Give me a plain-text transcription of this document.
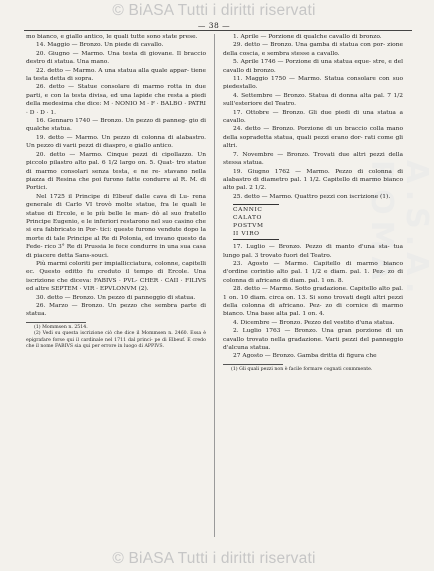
© BiASA Tutti i diritti riservati
A.S.A. ROMA
— 38 —

mo bianco, e giallo antico, le quali tutte sono state prese.

14. Maggio — Bronzo. Un piede di cavallo.

20. Giugno — Marmo. Una testa di giovane. Il braccio destro di statua. Una mano.

22. detto — Marmo. A una statua alla quale appar- tiene la testa detta di sopra.

26. detto — Statue consolare di marmo rotta in due parti, e con la testa divisa, ed una lapide che resta a piedi della medesima che dice: M · NONIO M · F · BALBO · PATRI · D · D · 1.

16. Gennaro 1740 — Bronzo. Un pezzo di panneg- gio di qualche statua.

19. detto — Marmo. Un pezzo di colonna di alabastro. Un pezzo di varii pezzi di diaspro, e giallo antico.

20. detto — Marmo. Cinque pezzi di cipollazzo. Un piccolo pilastro alto pal. 6 1/2 largo on. 5. Quat- tro statue di marmo consolari senza testa, e ne re- stavano nella piazza di Resina che poi furono fatte condurre al R. M. di Portici.

Nel 1725 il Principe di Elbeuf dalle cava di Lu- rena generale di Carlo VI trovò molte statue, fra le quali le statue di Ercole, e le più belle le man- dò al suo fratello Principe Eugenio, e le inferiori restarono nel suo casino che si era fabbricato in Por- tici: queste furono vendute dopo la morte di tale Principe al Re di Polonia, ed invano questo da Fede- rico 3° Re di Prussia le fece condurre in una sua casa di piacere detta Sans-souci.

Più marmi coloriti per impiallicciatura, colonne, capitelli ec. Questo editto fu creduto il tempo di Ercole. Una iscrizione che diceva: FABIVS · PVL- CHER · CAII · FILIVS ed altre SEPTEM · VIR · EPVLONVM (2).

30. detto — Bronzo. Un pezzo di panneggio di statua.

26. Marzo — Bronzo. Un pezzo che sembra parte di statua.

(1) Mommsen n. 2514.

(2) Vedi su questa iscrizione ciò che dice il Mommsen n. 2460. Essa è epigrafare forse qui il cardinale nel 1711 dal princi- pe di Elbeuf. E credo che il nome FABIVS sia qui per errore in luogo di APPIVS.

1. Aprile — Porzione di qualche cavallo di bronzo.

29. detto — Bronzo. Una gamba di statua con por- zione della coscia, e sembra stesse a cavallo.

5. Aprile 1746 — Porzione di una statua eque- stre, e del cavallo di bronzo.

11. Maggio 1750 — Marmo. Statua consolare con suo piedestallo.

4. Settembre — Bronzo. Statua di donna alta pal. 7 1/2 sull'esteriore del Teatro.

17. Ottobre — Bronzo. Gli due piedi di una statua a cavallo.

24. detto — Bronzo. Porzione di un braccio colla mano della sopradetta statua, quali pezzi erano dor- rati come gli altri.

7. Novembre — Bronzo. Trovati due altri pezzi della stessa statua.

19. Giugno 1762 — Marmo. Pezzo di colonna di alabastro di diametro pal. 1 1/2. Capitello di marmo bianco alto pal. 2 1/2.

25. detto — Marmo. Quattro pezzi con iscrizione (1).

CANNIC
CALATO
POSTVM
II VIRO

17. Luglio — Bronzo. Pezzo di manto d'una sta- tua lungo pal. 3 trovato fuori del Teatro.

23. Agosto — Marmo. Capitello di marmo bianco d'ordine corintio alto pal. 1 1/2 e diam. pal. 1. Pez- zo di colonna di africano di diam. pal. 1 on. 8.

28. detto — Marmo. Sotto gradazione. Capitello alto pal. 1 on. 10 diam. circa on. 13. Si sono trovati degli altri pezzi della colonna di africano. Pez- zo di cornice di marmo bianco. Una base alta pal. 1 on. 4.

4. Dicembre — Bronzo. Pezzo del vestito d'una statua.

2. Luglio 1763 — Bronzo. Una gran porzione di un cavallo trovato nella gradazione. Varii pezzi del panneggio d'alcuna statua.

27 Agosto — Bronzo. Gamba dritta di figura che

(1) Gli quali pezzi non è facile formare cognati conmmente.

© BiASA Tutti i diritti riservati
